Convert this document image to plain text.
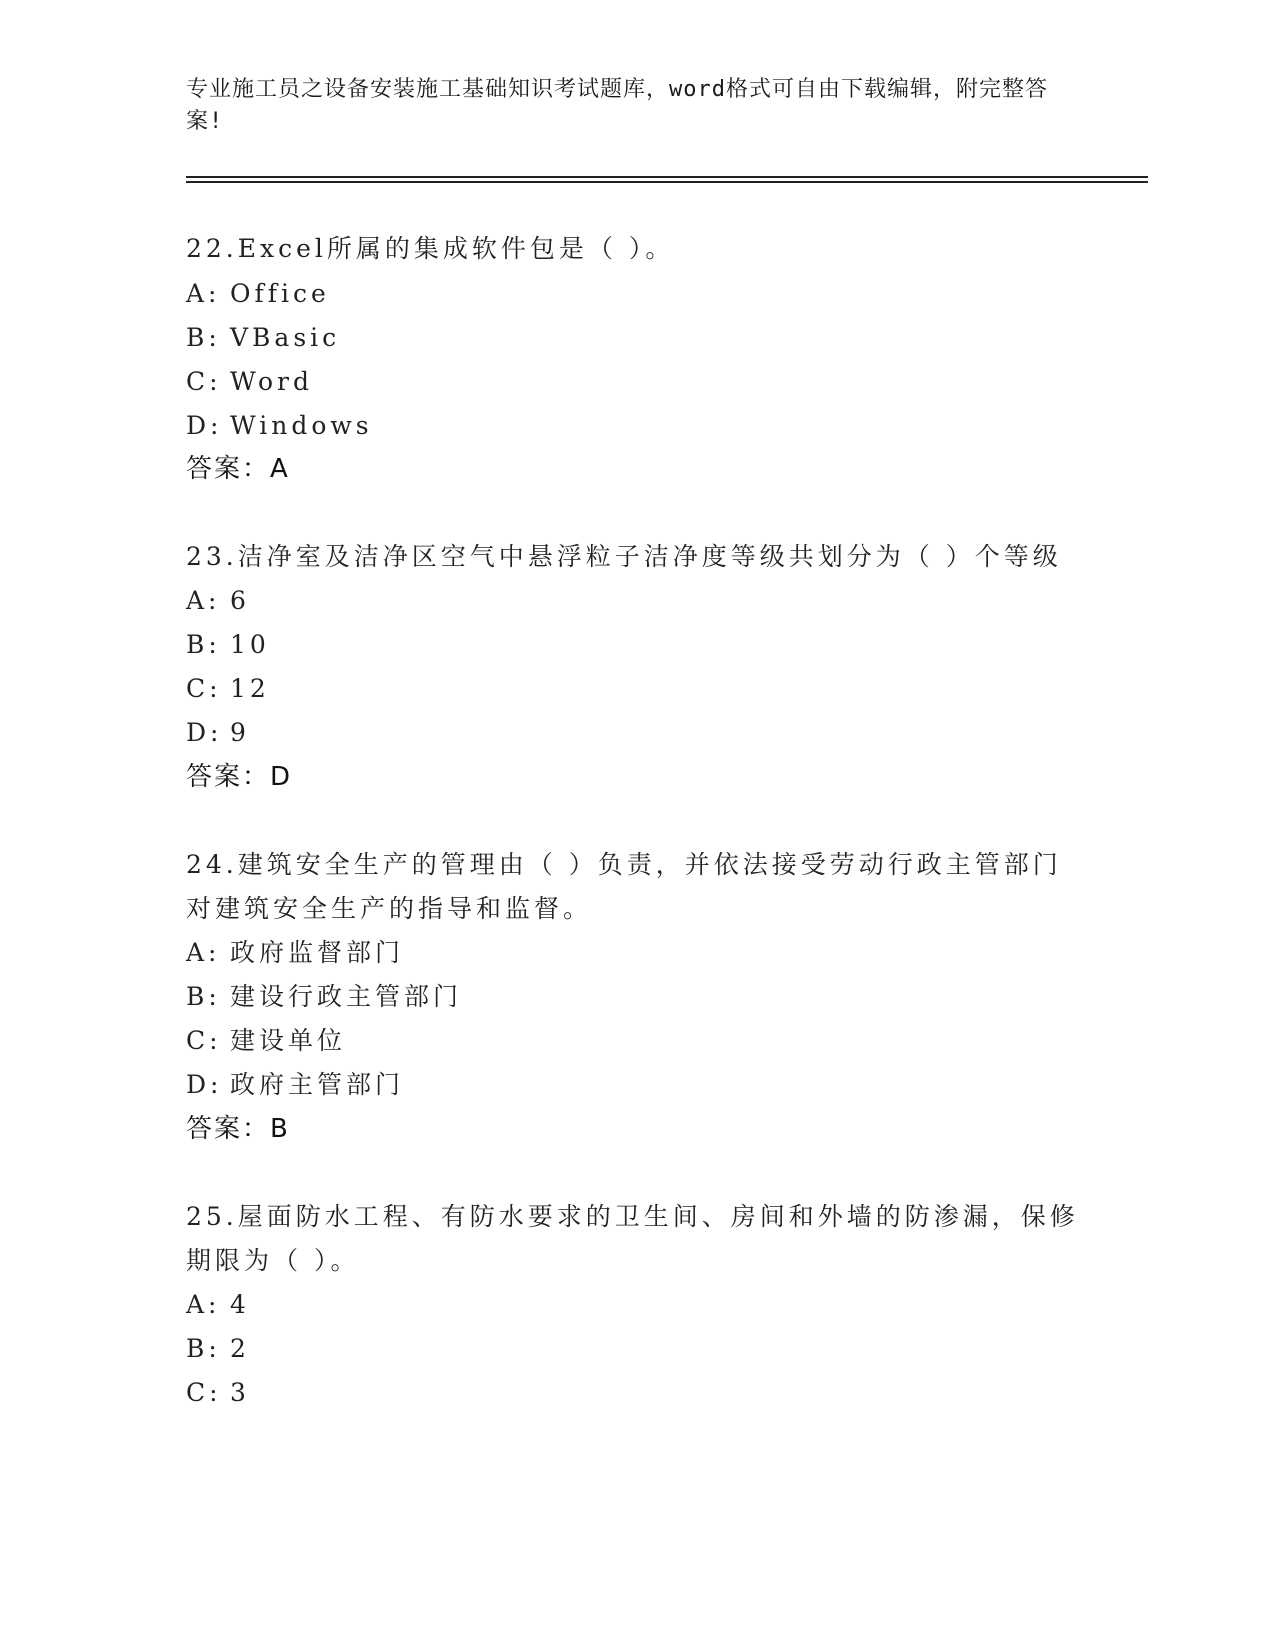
专业施工员之设备安装施工基础知识考试题库，word格式可自由下载编辑，附完整答案!
22.Excel所属的集成软件包是（ ）。
A: Office
B: VBasic
C: Word
D: Windows
答案：A
23.洁净室及洁净区空气中悬浮粒子洁净度等级共划分为（ ）个等级
A: 6
B: 10
C: 12
D: 9
答案：D
24.建筑安全生产的管理由（ ）负责，并依法接受劳动行政主管部门
对建筑安全生产的指导和监督。
A: 政府监督部门
B: 建设行政主管部门
C: 建设单位
D: 政府主管部门
答案：B
25.屋面防水工程、有防水要求的卫生间、房间和外墙的防渗漏，保修
期限为（ ）。
A: 4
B: 2
C: 3
